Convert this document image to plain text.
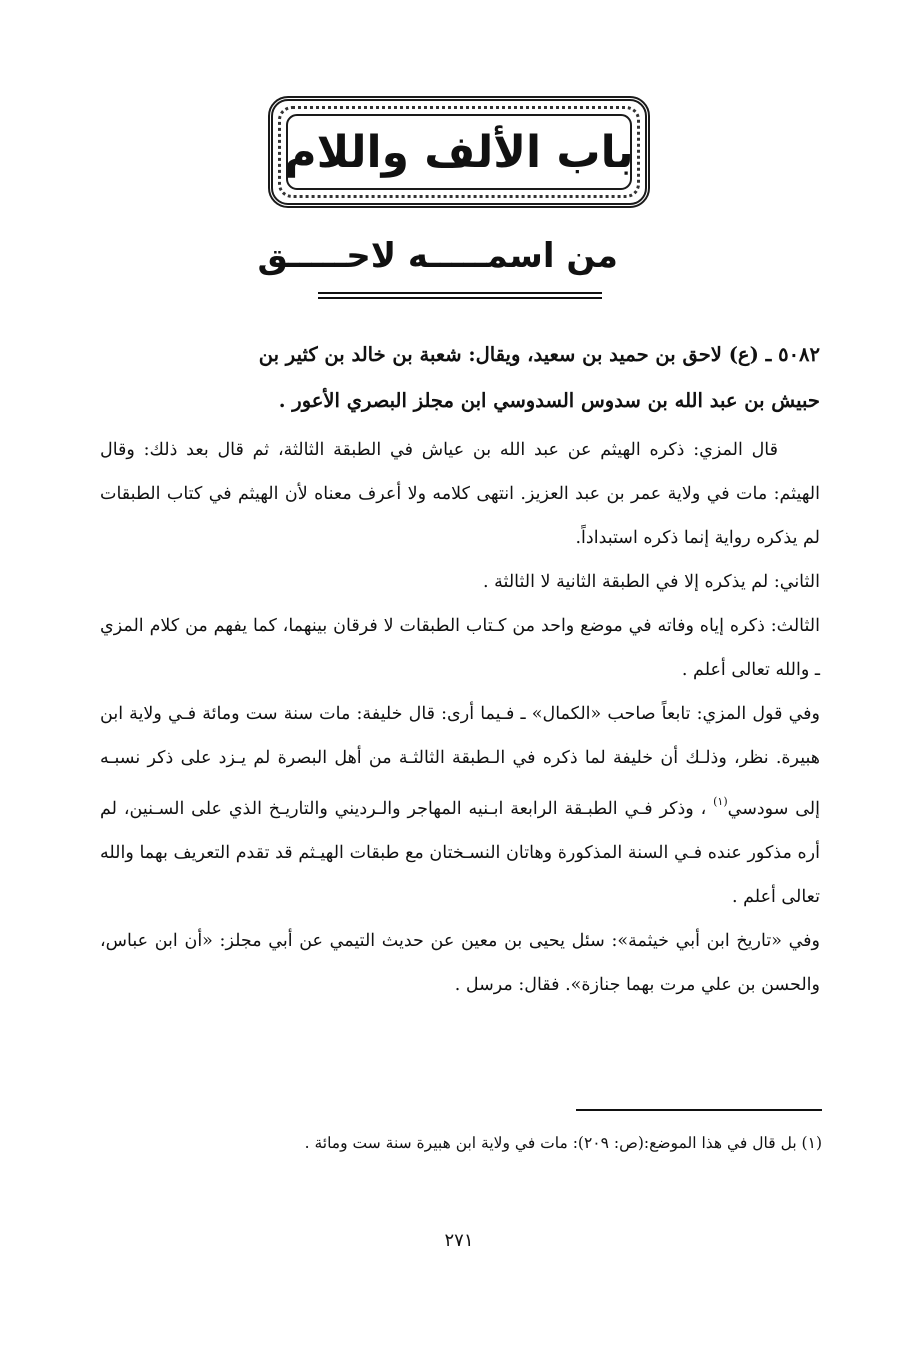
باب الألف واللام
من اسمـــــه لاحـــــق

٥٠٨٢ ـ (ع) لاحق بن حميد بن سعيد، ويقال: شعبة بن خالد بن كثير بن

حبيش بن عبد الله بن سدوس السدوسي ابن مجلز البصري الأعور .

قال المزي: ذكره الهيثم عن عبد الله بن عياش في الطبقة الثالثة، ثم قال بعد ذلك: وقال الهيثم: مات في ولاية عمر بن عبد العزيز. انتهى كلامه ولا أعرف معناه لأن الهيثم في كتاب الطبقات لم يذكره رواية إنما ذكره استبداداً.

الثاني: لم يذكره إلا في الطبقة الثانية لا الثالثة .

الثالث: ذكره إياه وفاته في موضع واحد من كـتاب الطبقات لا فرقان بينهما، كما يفهم من كلام المزي ـ والله تعالى أعلم .

وفي قول المزي: تابعاً صاحب «الكمال» ـ فـيما أرى: قال خليفة: مات سنة ست ومائة فـي ولاية ابن هبيرة. نظر، وذلـك أن خليفة لما ذكره في الـطبقة الثالثـة من أهل البصرة لم يـزد على ذكر نسبـه إلى سودسي$^{(١)}$ ، وذكر فـي الطبـقة الرابعة ابـنيه المهاجر والـرديني والتاريـخ الذي على السـنين، لم أره مذكور عنده فـي السنة المذكورة وهاتان النسـختان مع طبقات الهيـثم قد تقدم التعريف بهما والله تعالى أعلم .

وفي «تاريخ ابن أبي خيثمة»: سئل يحيى بن معين عن حديث التيمي عن أبي مجلز: «أن ابن عباس، والحسن بن علي مرت بهما جنازة». فقال: مرسل .

(١) بل قال في هذا الموضع:(ص: ٢٠٩): مات في ولاية ابن هبيرة سنة ست ومائة .
٢٧١
